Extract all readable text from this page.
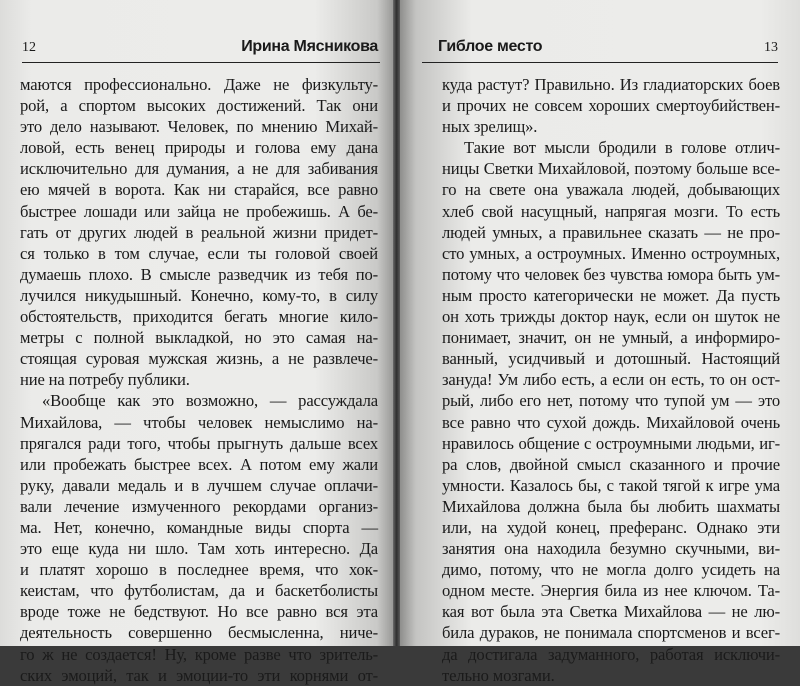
12	Ирина Мясникова
маются профессионально. Даже не физкульту-
рой, а спортом высоких достижений. Так они
это дело называют. Человек, по мнению Михай-
ловой, есть венец природы и голова ему дана
исключительно для думания, а не для забивания
ею мячей в ворота. Как ни старайся, все равно
быстрее лошади или зайца не пробежишь. А бе-
гать от других людей в реальной жизни придет-
ся только в том случае, если ты головой своей
думаешь плохо. В смысле разведчик из тебя по-
лучился никудышный. Конечно, кому-то, в силу
обстоятельств, приходится бегать многие кило-
метры с полной выкладкой, но это самая на-
стоящая суровая мужская жизнь, а не развлече-
ние на потребу публики.
«Вообще как это возможно, — рассуждала
Михайлова, — чтобы человек немыслимо на-
прягался ради того, чтобы прыгнуть дальше всех
или пробежать быстрее всех. А потом ему жали
руку, давали медаль и в лучшем случае оплачи-
вали лечение измученного рекордами организ-
ма. Нет, конечно, командные виды спорта —
это еще куда ни шло. Там хоть интересно. Да
и платят хорошо в последнее время, что хок-
кеистам, что футболистам, да и баскетболисты
вроде тоже не бедствуют. Но все равно вся эта
деятельность совершенно бесмысленна, ниче-
го ж не создается! Ну, кроме разве что зритель-
ских эмоций, так и эмоции-то эти корнями от-
Гиблое место	13
куда растут? Правильно. Из гладиаторских боев
и прочих не совсем хороших смертоубийствен-
ных зрелищ».
Такие вот мысли бродили в голове отлич-
ницы Светки Михайловой, поэтому больше все-
го на свете она уважала людей, добывающих
хлеб свой насущный, напрягая мозги. То есть
людей умных, а правильнее сказать — не про-
сто умных, а остроумных. Именно остроумных,
потому что человек без чувства юмора быть ум-
ным просто категорически не может. Да пусть
он хоть трижды доктор наук, если он шуток не
понимает, значит, он не умный, а информиро-
ванный, усидчивый и дотошный. Настоящий
зануда! Ум либо есть, а если он есть, то он ост-
рый, либо его нет, потому что тупой ум — это
все равно что сухой дождь. Михайловой очень
нравилось общение с остроумными людьми, иг-
ра слов, двойной смысл сказанного и прочие
умности. Казалось бы, с такой тягой к игре ума
Михайлова должна была бы любить шахматы
или, на худой конец, преферанс. Однако эти
занятия она находила безумно скучными, ви-
димо, потому, что не могла долго усидеть на
одном месте. Энергия била из нее ключом. Та-
кая вот была эта Светка Михайлова — не лю-
била дураков, не понимала спортсменов и всег-
да достигала задуманного, работая исключи-
тельно мозгами.
